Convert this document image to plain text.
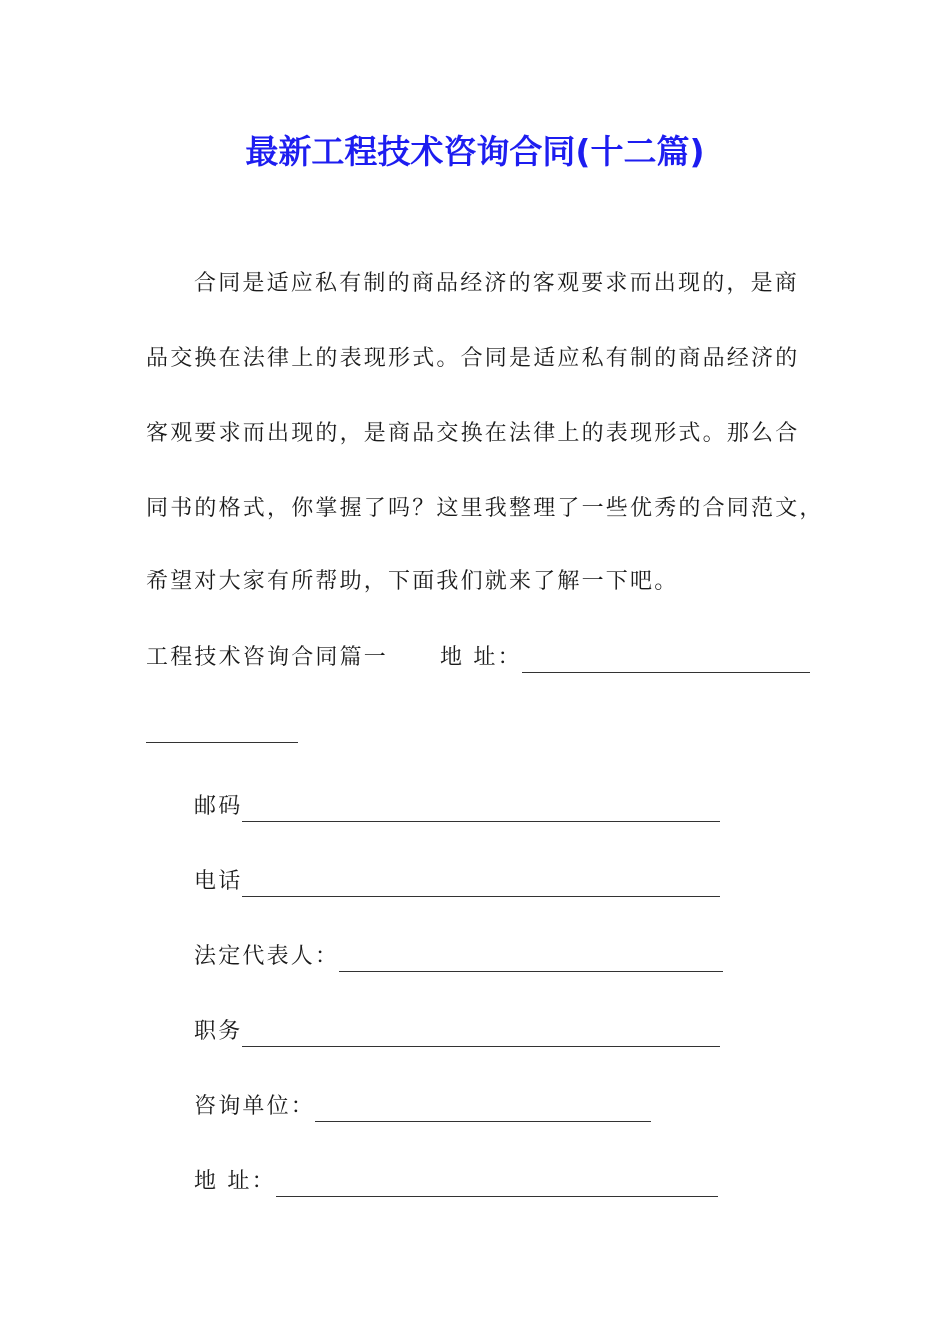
最新工程技术咨询合同(十二篇)
合同是适应私有制的商品经济的客观要求而出现的，是商
品交换在法律上的表现形式。合同是适应私有制的商品经济的
客观要求而出现的，是商品交换在法律上的表现形式。那么合
同书的格式，你掌握了吗？这里我整理了一些优秀的合同范文，
希望对大家有所帮助，下面我们就来了解一下吧。
工程技术咨询合同篇一 地 址：
邮码
电话
法定代表人：
职务
咨询单位：
地 址：
